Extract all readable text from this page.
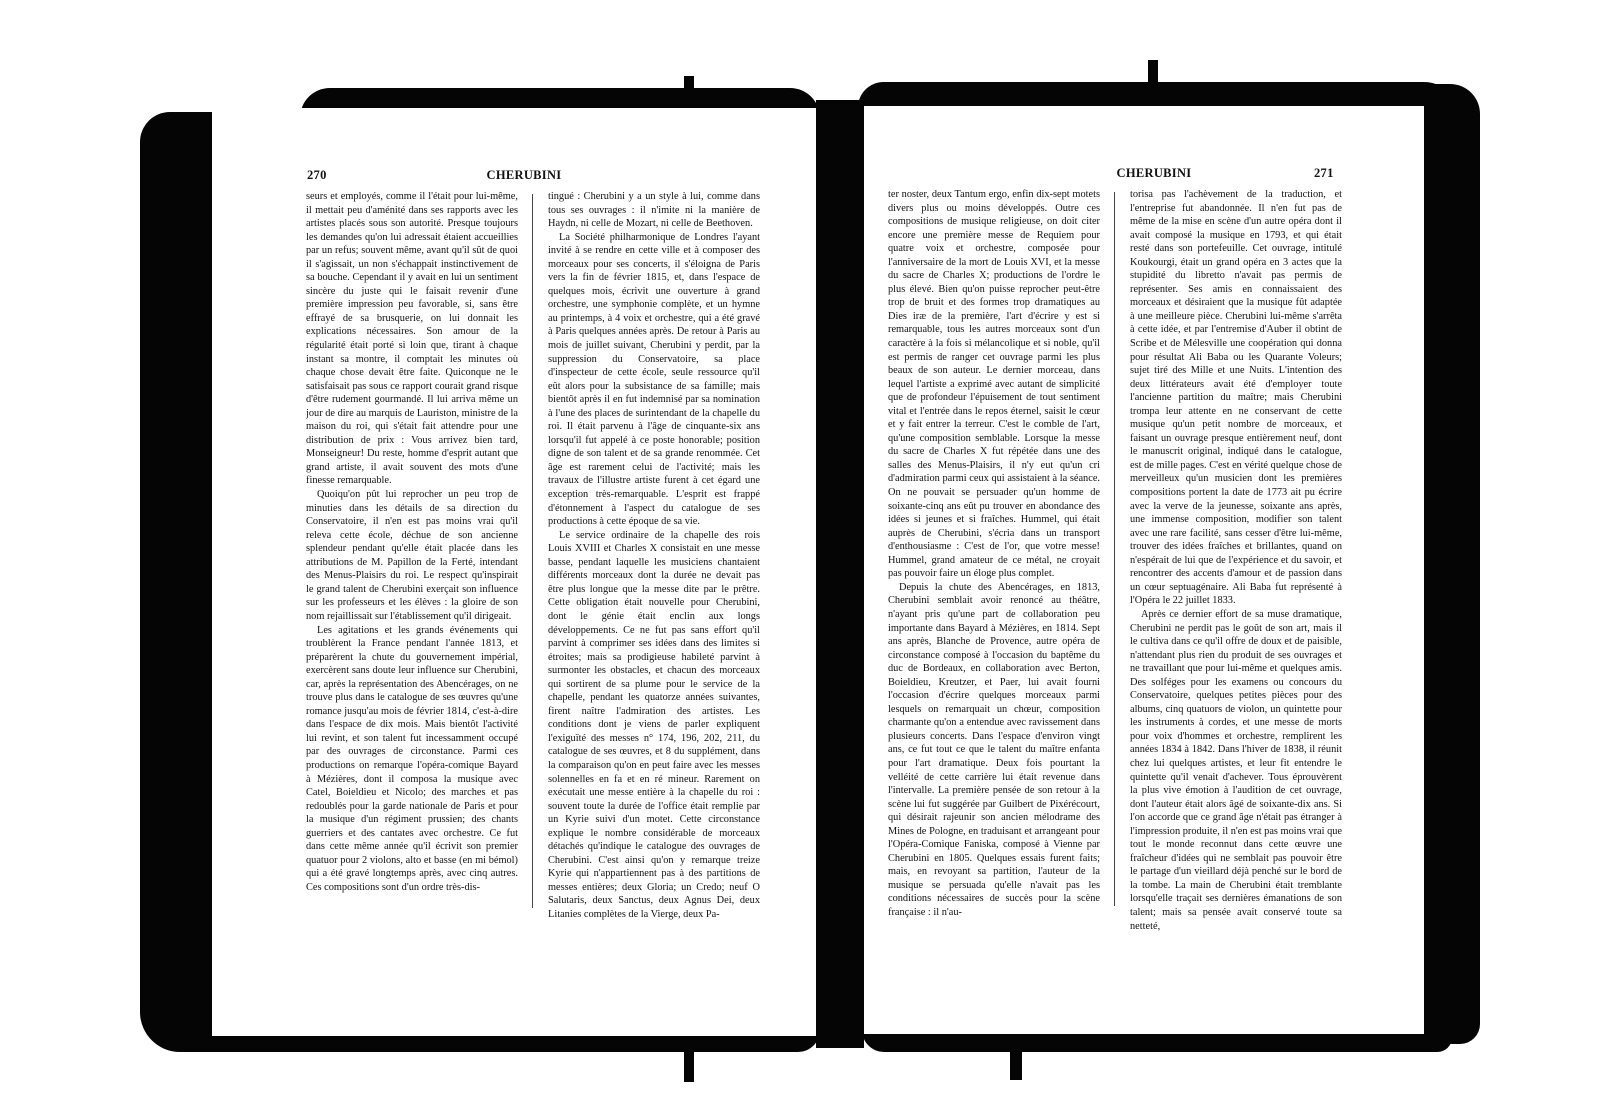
270	CHERUBINI

seurs et employés, comme il l'était pour lui-même, il mettait peu d'aménité dans ses rapports avec les artistes placés sous son autorité. Presque toujours les demandes qu'on lui adressait étaient accueillies par un refus; souvent même, avant qu'il sût de quoi il s'agissait, un non s'échappait instinctivement de sa bouche. Cependant il y avait en lui un sentiment sincère du juste qui le faisait revenir d'une première impression peu favorable, si, sans être effrayé de sa brusquerie, on lui donnait les explications nécessaires. Son amour de la régularité était porté si loin que, tirant à chaque instant sa montre, il comptait les minutes où chaque chose devait être faite. Quiconque ne le satisfaisait pas sous ce rapport courait grand risque d'être rudement gourmandé. Il lui arriva même un jour de dire au marquis de Lauriston, ministre de la maison du roi, qui s'était fait attendre pour une distribution de prix : Vous arrivez bien tard, Monseigneur! Du reste, homme d'esprit autant que grand artiste, il avait souvent des mots d'une finesse remarquable.

Quoiqu'on pût lui reprocher un peu trop de minuties dans les détails de sa direction du Conservatoire, il n'en est pas moins vrai qu'il releva cette école, déchue de son ancienne splendeur pendant qu'elle était placée dans les attributions de M. Papillon de la Ferté, intendant des Menus-Plaisirs du roi. Le respect qu'inspirait le grand talent de Cherubini exerçait son influence sur les professeurs et les élèves : la gloire de son nom rejaillissait sur l'établissement qu'il dirigeait.

Les agitations et les grands événements qui troublèrent la France pendant l'année 1813, et préparèrent la chute du gouvernement impérial, exercèrent sans doute leur influence sur Cherubini, car, après la représentation des Abencérages, on ne trouve plus dans le catalogue de ses œuvres qu'une romance jusqu'au mois de février 1814, c'est-à-dire dans l'espace de dix mois. Mais bientôt l'activité lui revint, et son talent fut incessamment occupé par des ouvrages de circonstance. Parmi ces productions on remarque l'opéra-comique Bayard à Mézières, dont il composa la musique avec Catel, Boieldieu et Nicolo; des marches et pas redoublés pour la garde nationale de Paris et pour la musique d'un régiment prussien; des chants guerriers et des cantates avec orchestre. Ce fut dans cette même année qu'il écrivit son premier quatuor pour 2 violons, alto et basse (en mi bémol) qui a été gravé longtemps après, avec cinq autres. Ces compositions sont d'un ordre très-dis-

tingué : Cherubini y a un style à lui, comme dans tous ses ouvrages : il n'imite ni la manière de Haydn, ni celle de Mozart, ni celle de Beethoven.

La Société philharmonique de Londres l'ayant invité à se rendre en cette ville et à composer des morceaux pour ses concerts, il s'éloigna de Paris vers la fin de février 1815, et, dans l'espace de quelques mois, écrivit une ouverture à grand orchestre, une symphonie complète, et un hymne au printemps, à 4 voix et orchestre, qui a été gravé à Paris quelques années après. De retour à Paris au mois de juillet suivant, Cherubini y perdit, par la suppression du Conservatoire, sa place d'inspecteur de cette école, seule ressource qu'il eût alors pour la subsistance de sa famille; mais bientôt après il en fut indemnisé par sa nomination à l'une des places de surintendant de la chapelle du roi. Il était parvenu à l'âge de cinquante-six ans lorsqu'il fut appelé à ce poste honorable; position digne de son talent et de sa grande renommée. Cet âge est rarement celui de l'activité; mais les travaux de l'illustre artiste furent à cet égard une exception très-remarquable. L'esprit est frappé d'étonnement à l'aspect du catalogue de ses productions à cette époque de sa vie.

Le service ordinaire de la chapelle des rois Louis XVIII et Charles X consistait en une messe basse, pendant laquelle les musiciens chantaient différents morceaux dont la durée ne devait pas être plus longue que la messe dite par le prêtre. Cette obligation était nouvelle pour Cherubini, dont le génie était enclin aux longs développements. Ce ne fut pas sans effort qu'il parvint à comprimer ses idées dans des limites si étroites; mais sa prodigieuse habileté parvint à surmonter les obstacles, et chacun des morceaux qui sortirent de sa plume pour le service de la chapelle, pendant les quatorze années suivantes, firent naître l'admiration des artistes. Les conditions dont je viens de parler expliquent l'exiguïté des messes n° 174, 196, 202, 211, du catalogue de ses œuvres, et 8 du supplément, dans la comparaison qu'on en peut faire avec les messes solennelles en fa et en ré mineur. Rarement on exécutait une messe entière à la chapelle du roi : souvent toute la durée de l'office était remplie par un Kyrie suivi d'un motet. Cette circonstance explique le nombre considérable de morceaux détachés qu'indique le catalogue des ouvrages de Cherubini. C'est ainsi qu'on y remarque treize Kyrie qui n'appartiennent pas à des partitions de messes entières; deux Gloria; un Credo; neuf O Salutaris, deux Sanctus, deux Agnus Dei, deux Litanies complètes de la Vierge, deux Pa-

CHERUBINI	271

ter noster, deux Tantum ergo, enfin dix-sept motets divers plus ou moins développés. Outre ces compositions de musique religieuse, on doit citer encore une première messe de Requiem pour quatre voix et orchestre, composée pour l'anniversaire de la mort de Louis XVI, et la messe du sacre de Charles X; productions de l'ordre le plus élevé. Bien qu'on puisse reprocher peut-être trop de bruit et des formes trop dramatiques au Dies iræ de la première, l'art d'écrire y est si remarquable, tous les autres morceaux sont d'un caractère à la fois si mélancolique et si noble, qu'il est permis de ranger cet ouvrage parmi les plus beaux de son auteur. Le dernier morceau, dans lequel l'artiste a exprimé avec autant de simplicité que de profondeur l'épuisement de tout sentiment vital et l'entrée dans le repos éternel, saisit le cœur et y fait entrer la terreur. C'est le comble de l'art, qu'une composition semblable. Lorsque la messe du sacre de Charles X fut répétée dans une des salles des Menus-Plaisirs, il n'y eut qu'un cri d'admiration parmi ceux qui assistaient à la séance. On ne pouvait se persuader qu'un homme de soixante-cinq ans eût pu trouver en abondance des idées si jeunes et si fraîches. Hummel, qui était auprès de Cherubini, s'écria dans un transport d'enthousiasme : C'est de l'or, que votre messe! Hummel, grand amateur de ce métal, ne croyait pas pouvoir faire un éloge plus complet.

Depuis la chute des Abencérages, en 1813, Cherubini semblait avoir renoncé au théâtre, n'ayant pris qu'une part de collaboration peu importante dans Bayard à Mézières, en 1814. Sept ans après, Blanche de Provence, autre opéra de circonstance composé à l'occasion du baptême du duc de Bordeaux, en collaboration avec Berton, Boieldieu, Kreutzer, et Paer, lui avait fourni l'occasion d'écrire quelques morceaux parmi lesquels on remarquait un chœur, composition charmante qu'on a entendue avec ravissement dans plusieurs concerts. Dans l'espace d'environ vingt ans, ce fut tout ce que le talent du maître enfanta pour l'art dramatique. Deux fois pourtant la velléité de cette carrière lui était revenue dans l'intervalle. La première pensée de son retour à la scène lui fut suggérée par Guilbert de Pixérécourt, qui désirait rajeunir son ancien mélodrame des Mines de Pologne, en traduisant et arrangeant pour l'Opéra-Comique Faniska, composé à Vienne par Cherubini en 1805. Quelques essais furent faits; mais, en revoyant sa partition, l'auteur de la musique se persuada qu'elle n'avait pas les conditions nécessaires de succès pour la scène française : il n'au-

torisa pas l'achèvement de la traduction, et l'entreprise fut abandonnée. Il n'en fut pas de même de la mise en scène d'un autre opéra dont il avait composé la musique en 1793, et qui était resté dans son portefeuille. Cet ouvrage, intitulé Koukourgi, était un grand opéra en 3 actes que la stupidité du libretto n'avait pas permis de représenter. Ses amis en connaissaient des morceaux et désiraient que la musique fût adaptée à une meilleure pièce. Cherubini lui-même s'arrêta à cette idée, et par l'entremise d'Auber il obtint de Scribe et de Mélesville une coopération qui donna pour résultat Ali Baba ou les Quarante Voleurs; sujet tiré des Mille et une Nuits. L'intention des deux littérateurs avait été d'employer toute l'ancienne partition du maître; mais Cherubini trompa leur attente en ne conservant de cette musique qu'un petit nombre de morceaux, et faisant un ouvrage presque entièrement neuf, dont le manuscrit original, indiqué dans le catalogue, est de mille pages. C'est en vérité quelque chose de merveilleux qu'un musicien dont les premières compositions portent la date de 1773 ait pu écrire avec la verve de la jeunesse, soixante ans après, une immense composition, modifier son talent avec une rare facilité, sans cesser d'être lui-même, trouver des idées fraîches et brillantes, quand on n'espérait de lui que de l'expérience et du savoir, et rencontrer des accents d'amour et de passion dans un cœur septuagénaire. Ali Baba fut représenté à l'Opéra le 22 juillet 1833.

Après ce dernier effort de sa muse dramatique, Cherubini ne perdit pas le goût de son art, mais il le cultiva dans ce qu'il offre de doux et de paisible, n'attendant plus rien du produit de ses ouvrages et ne travaillant que pour lui-même et quelques amis. Des solféges pour les examens ou concours du Conservatoire, quelques petites pièces pour des albums, cinq quatuors de violon, un quintette pour les instruments à cordes, et une messe de morts pour voix d'hommes et orchestre, remplirent les années 1834 à 1842. Dans l'hiver de 1838, il réunit chez lui quelques artistes, et leur fit entendre le quintette qu'il venait d'achever. Tous éprouvèrent la plus vive émotion à l'audition de cet ouvrage, dont l'auteur était alors âgé de soixante-dix ans. Si l'on accorde que ce grand âge n'était pas étranger à l'impression produite, il n'en est pas moins vrai que tout le monde reconnut dans cette œuvre une fraîcheur d'idées qui ne semblait pas pouvoir être le partage d'un vieillard déjà penché sur le bord de la tombe. La main de Cherubini était tremblante lorsqu'elle traçait ses dernières émanations de son talent; mais sa pensée avait conservé toute sa netteté,
